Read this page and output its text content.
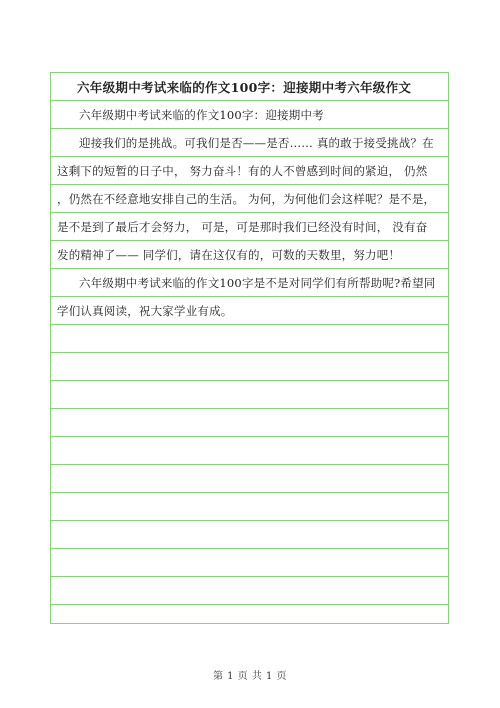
六年级期中考试来临的作文100字：迎接期中考六年级作文
六年级期中考试来临的作文100字：迎接期中考
迎接我们的是挑战。可我们是否——是否…… 真的敢于接受挑战？在
这剩下的短暂的日子中， 努力奋斗！有的人不曾感到时间的紧迫， 仍然
，仍然在不经意地安排自己的生活。 为何，为何他们会这样呢？是不是，
是不是到了最后才会努力， 可是，可是那时我们已经没有时间， 没有奋
发的精神了—— 同学们，请在这仅有的，可数的天数里，努力吧！
六年级期中考试来临的作文100字是不是对同学们有所帮助呢?希望同
学们认真阅读，祝大家学业有成。
第 1 页 共 1 页
